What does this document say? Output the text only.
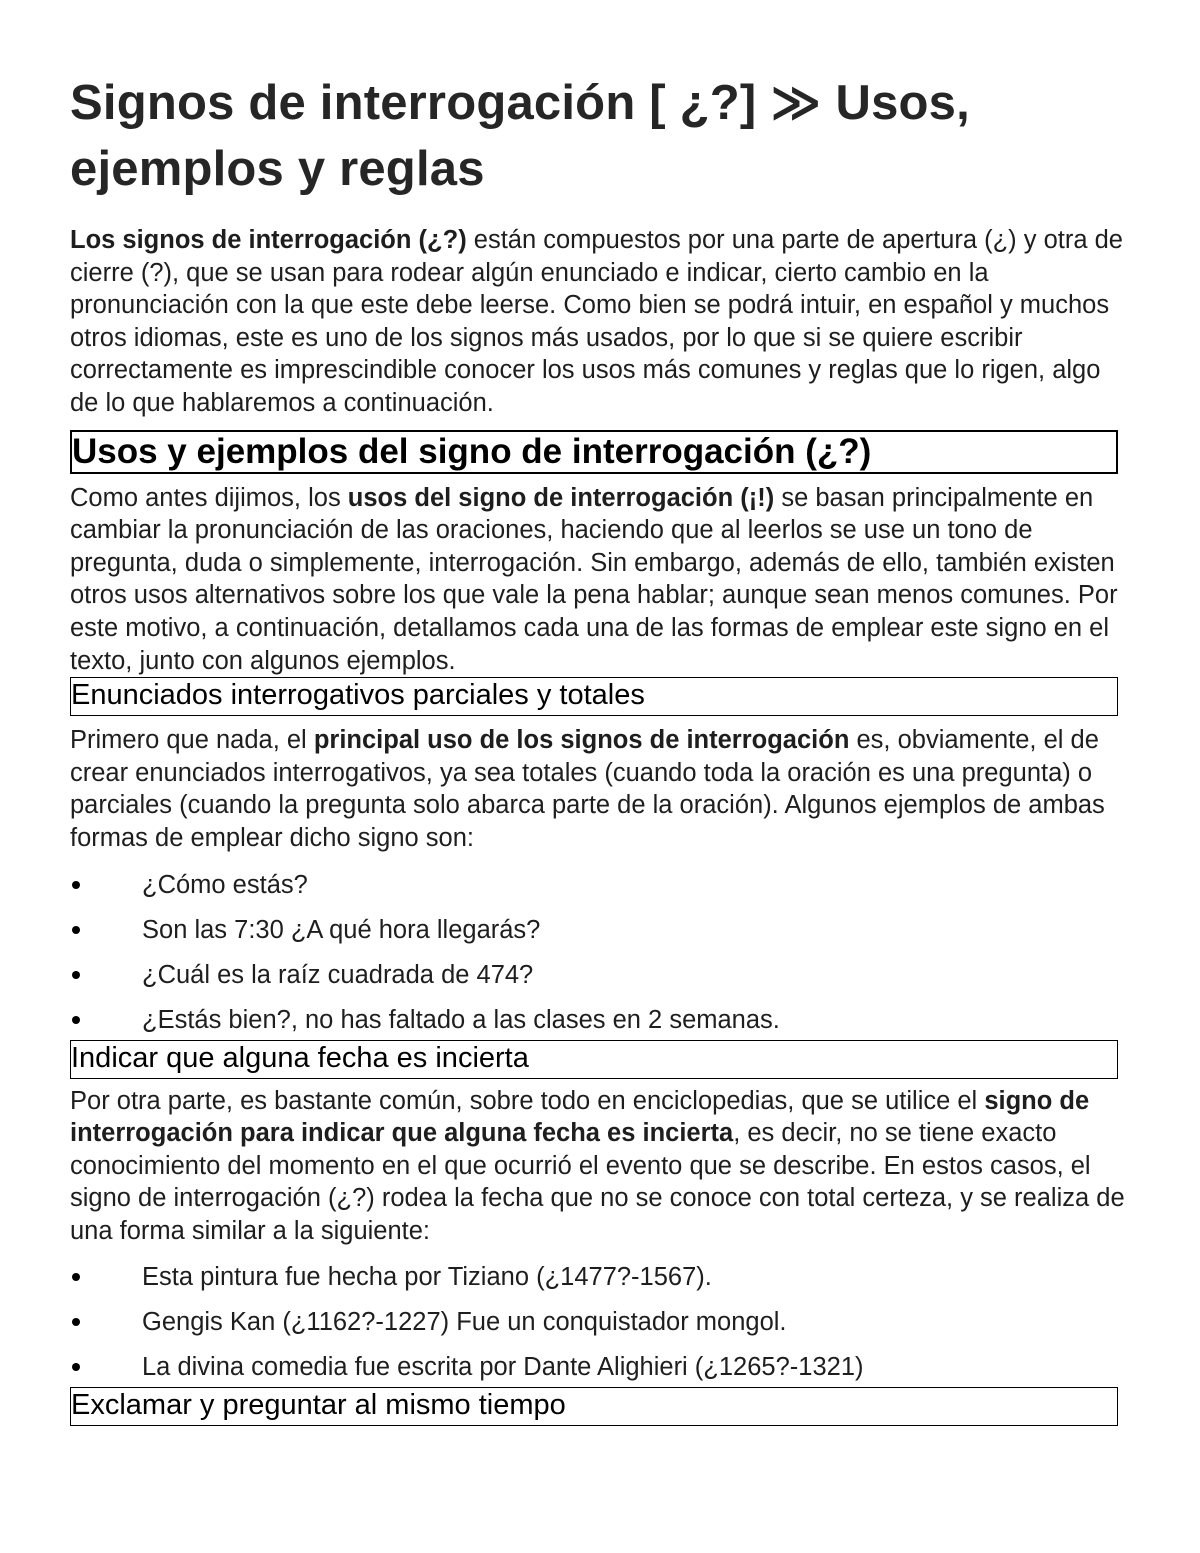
Signos de interrogación [ ¿?] ≫ Usos, ejemplos y reglas

Los signos de interrogación (¿?) están compuestos por una parte de apertura (¿) y otra de cierre (?), que se usan para rodear algún enunciado e indicar, cierto cambio en la pronunciación con la que este debe leerse. Como bien se podrá intuir, en español y muchos otros idiomas, este es uno de los signos más usados, por lo que si se quiere escribir correctamente es imprescindible conocer los usos más comunes y reglas que lo rigen, algo de lo que hablaremos a continuación.

Usos y ejemplos del signo de interrogación (¿?)

Como antes dijimos, los usos del signo de interrogación (¡!) se basan principalmente en cambiar la pronunciación de las oraciones, haciendo que al leerlos se use un tono de pregunta, duda o simplemente, interrogación. Sin embargo, además de ello, también existen otros usos alternativos sobre los que vale la pena hablar; aunque sean menos comunes. Por este motivo, a continuación, detallamos cada una de las formas de emplear este signo en el texto, junto con algunos ejemplos.

Enunciados interrogativos parciales y totales

Primero que nada, el principal uso de los signos de interrogación es, obviamente, el de crear enunciados interrogativos, ya sea totales (cuando toda la oración es una pregunta) o parciales (cuando la pregunta solo abarca parte de la oración). Algunos ejemplos de ambas formas de emplear dicho signo son:

¿Cómo estás?
Son las 7:30 ¿A qué hora llegarás?
¿Cuál es la raíz cuadrada de 474?
¿Estás bien?, no has faltado a las clases en 2 semanas.
Indicar que alguna fecha es incierta

Por otra parte, es bastante común, sobre todo en enciclopedias, que se utilice el signo de interrogación para indicar que alguna fecha es incierta, es decir, no se tiene exacto conocimiento del momento en el que ocurrió el evento que se describe. En estos casos, el signo de interrogación (¿?) rodea la fecha que no se conoce con total certeza, y se realiza de una forma similar a la siguiente:

Esta pintura fue hecha por Tiziano (¿1477?-1567).
Gengis Kan (¿1162?-1227) Fue un conquistador mongol.
La divina comedia fue escrita por Dante Alighieri (¿1265?-1321)
Exclamar y preguntar al mismo tiempo
